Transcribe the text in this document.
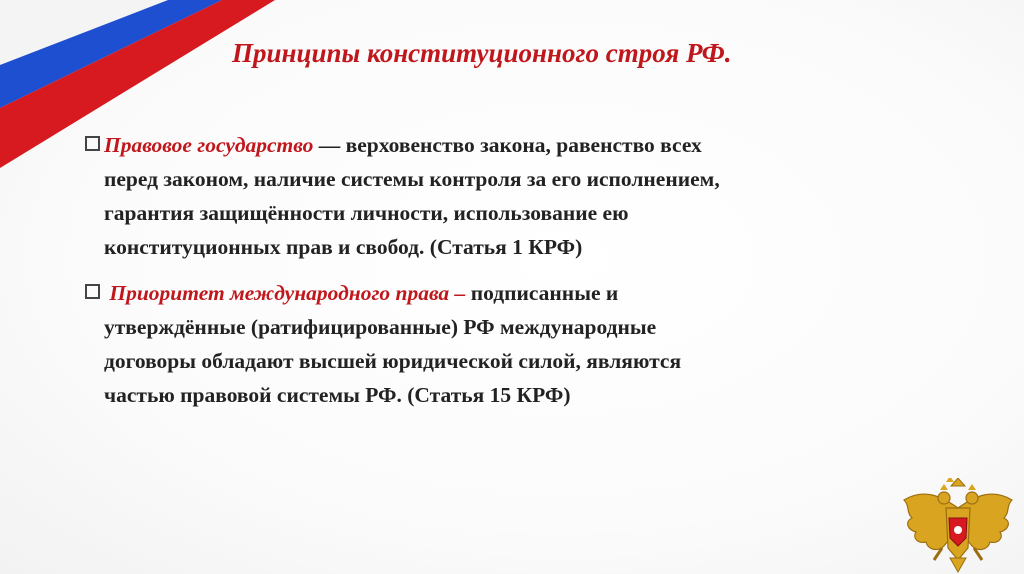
Принципы конституционного строя РФ.
Правовое государство — верховенство закона, равенство всех
перед законом, наличие системы контроля за его исполнением,
гарантия защищённости личности, использование ею
конституционных прав и свобод. (Статья 1 КРФ)
Приоритет международного права – подписанные и
утверждённые (ратифицированные) РФ международные
договоры обладают высшей юридической силой, являются
частью правовой системы РФ. (Статья 15 КРФ)
